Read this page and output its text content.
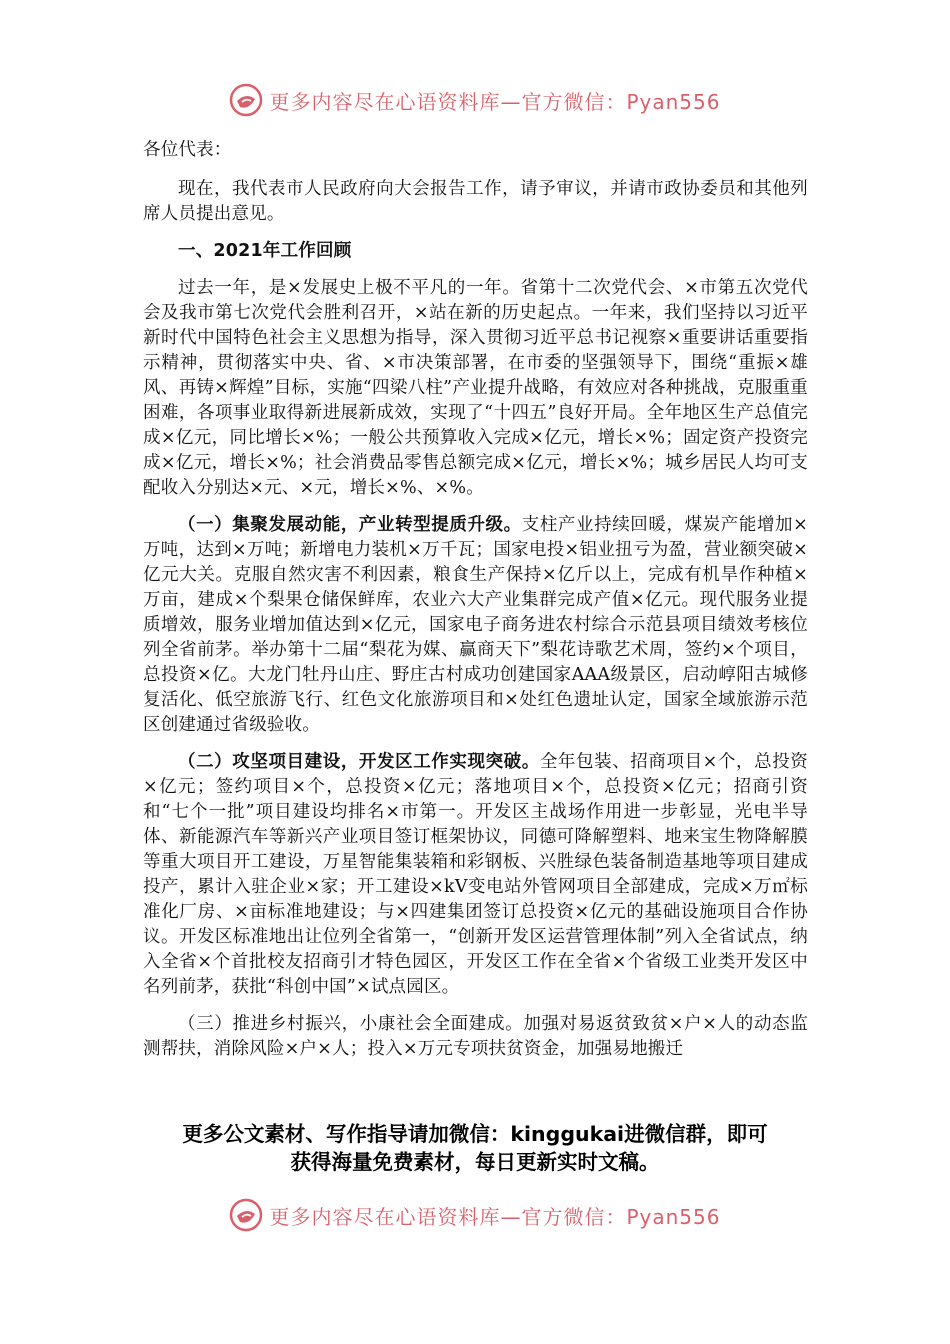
更多内容尽在心语资料库—官方微信：Pyan556

各位代表：

现在，我代表市人民政府向大会报告工作，请予审议，并请市政协委员和其他列席人员提出意见。

一、2021年工作回顾

过去一年，是×发展史上极不平凡的一年。省第十二次党代会、×市第五次党代会及我市第七次党代会胜利召开，×站在新的历史起点。一年来，我们坚持以习近平新时代中国特色社会主义思想为指导，深入贯彻习近平总书记视察×重要讲话重要指示精神，贯彻落实中央、省、×市决策部署，在市委的坚强领导下，围绕“重振×雄风、再铸×辉煌”目标，实施“四梁八柱”产业提升战略，有效应对各种挑战，克服重重困难，各项事业取得新进展新成效，实现了“十四五”良好开局。全年地区生产总值完成×亿元，同比增长×%；一般公共预算收入完成×亿元，增长×%；固定资产投资完成×亿元，增长×%；社会消费品零售总额完成×亿元，增长×%；城乡居民人均可支配收入分别达×元、×元，增长×%、×%。

（一）集聚发展动能，产业转型提质升级。支柱产业持续回暖，煤炭产能增加×万吨，达到×万吨；新增电力装机×万千瓦；国家电投×铝业扭亏为盈，营业额突破×亿元大关。克服自然灾害不利因素，粮食生产保持×亿斤以上，完成有机旱作种植×万亩，建成×个梨果仓储保鲜库，农业六大产业集群完成产值×亿元。现代服务业提质增效，服务业增加值达到×亿元，国家电子商务进农村综合示范县项目绩效考核位列全省前茅。举办第十二届“梨花为媒、赢商天下”梨花诗歌艺术周，签约×个项目，总投资×亿。大龙门牡丹山庄、野庄古村成功创建国家AAA级景区，启动崞阳古城修复活化、低空旅游飞行、红色文化旅游项目和×处红色遗址认定，国家全域旅游示范区创建通过省级验收。

（二）攻坚项目建设，开发区工作实现突破。全年包装、招商项目×个，总投资×亿元；签约项目×个，总投资×亿元；落地项目×个，总投资×亿元；招商引资和“七个一批”项目建设均排名×市第一。开发区主战场作用进一步彰显，光电半导体、新能源汽车等新兴产业项目签订框架协议，同德可降解塑料、地来宝生物降解膜等重大项目开工建设，万星智能集装箱和彩钢板、兴胜绿色装备制造基地等项目建成投产，累计入驻企业×家；开工建设×kV变电站外管网项目全部建成，完成×万㎡标准化厂房、×亩标准地建设；与×四建集团签订总投资×亿元的基础设施项目合作协议。开发区标准地出让位列全省第一，“创新开发区运营管理体制”列入全省试点，纳入全省×个首批校友招商引才特色园区，开发区工作在全省×个省级工业类开发区中名列前茅，获批“科创中国”×试点园区。

（三）推进乡村振兴，小康社会全面建成。加强对易返贫致贫×户×人的动态监测帮扶，消除风险×户×人；投入×万元专项扶贫资金，加强易地搬迁

更多公文素材、写作指导请加微信：kinggukai进微信群，即可
获得海量免费素材，每日更新实时文稿。
更多内容尽在心语资料库—官方微信：Pyan556
